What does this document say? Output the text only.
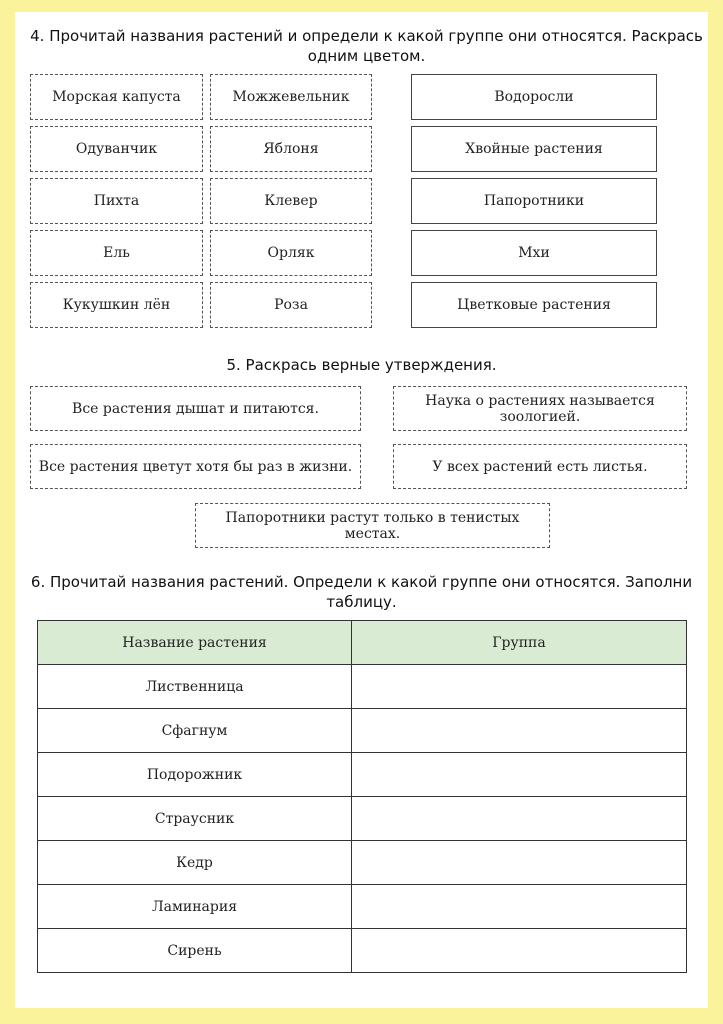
4. Прочитай названия растений и определи к какой группе они относятся. Раскрась одним цветом.
Морская капуста	Можжевельник
Одуванчик	Яблоня
Пихта	Клевер
Ель	Орляк
Кукушкин лён	Роза
Водоросли
Хвойные растения
Папоротники
Мхи
Цветковые растения
5. Раскрась верные утверждения.
Все растения дышат и питаются.	Наука о растениях называется зоологией.
Все растения цветут хотя бы раз в жизни.	У всех растений есть листья.
Папоротники растут только в тенистых местах.
6. Прочитай названия растений. Определи к какой группе они относятся. Заполни таблицу.
Название растения	Группа
Лиственница	
Сфагнум	
Подорожник	
Страусник	
Кедр	
Ламинария	
Сирень	
